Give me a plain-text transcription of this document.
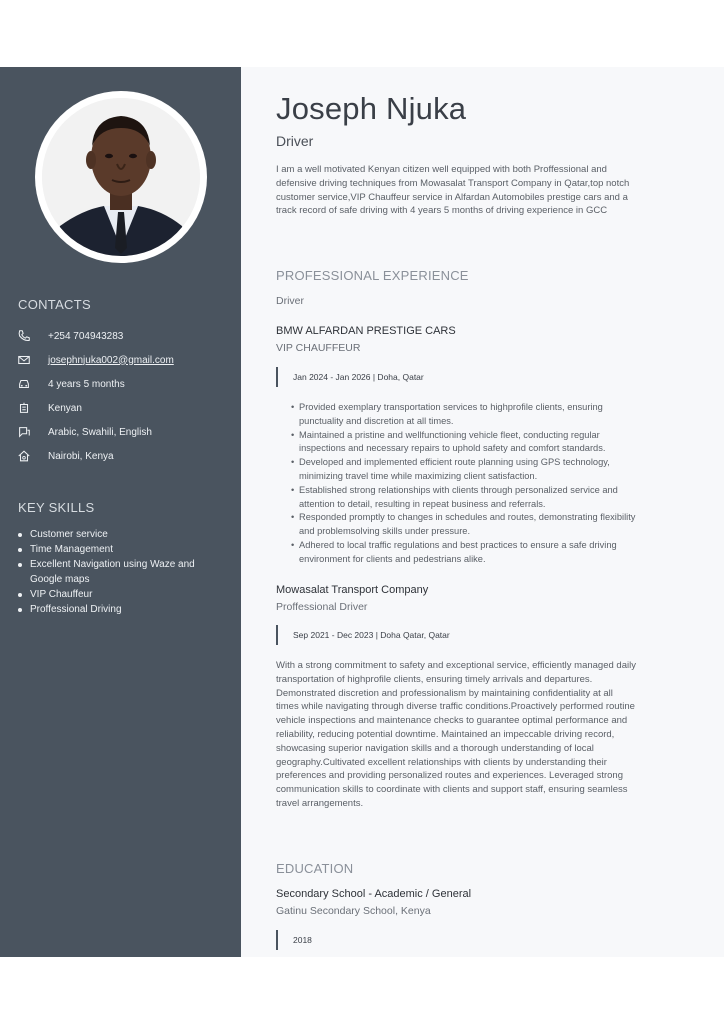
CONTACTS
+254 704943283
josephnjuka002@gmail.com
4 years 5 months
Kenyan
Arabic, Swahili, English
Nairobi, Kenya
KEY SKILLS
Customer service
Time Management
Excellent Navigation using Waze and Google maps
VIP Chauffeur
Proffessional Driving
Joseph Njuka
Driver

I am a well motivated Kenyan citizen well equipped with both Proffessional and defensive driving techniques from Mowasalat Transport Company in Qatar,top notch customer service,VIP Chauffeur service in Alfardan Automobiles prestige cars and a track record of safe driving with 4 years 5 months of driving experience in GCC

PROFESSIONAL EXPERIENCE
Driver
BMW ALFARDAN PRESTIGE CARS
VIP CHAUFFEUR
Jan 2024 - Jan 2026 | Doha, Qatar
• Provided exemplary transportation services to highprofile clients, ensuring punctuality and discretion at all times.
• Maintained a pristine and wellfunctioning vehicle fleet, conducting regular inspections and necessary repairs to uphold safety and comfort standards.
• Developed and implemented efficient route planning using GPS technology, minimizing travel time while maximizing client satisfaction.
• Established strong relationships with clients through personalized service and attention to detail, resulting in repeat business and referrals.
• Responded promptly to changes in schedules and routes, demonstrating flexibility and problemsolving skills under pressure.
• Adhered to local traffic regulations and best practices to ensure a safe driving environment for clients and pedestrians alike.
Mowasalat Transport Company
Proffessional Driver
Sep 2021 - Dec 2023 | Doha Qatar, Qatar

With a strong commitment to safety and exceptional service, efficiently managed daily transportation of highprofile clients, ensuring timely arrivals and departures. Demonstrated discretion and professionalism by maintaining confidentiality at all times while navigating through diverse traffic conditions.Proactively performed routine vehicle inspections and maintenance checks to guarantee optimal performance and reliability, reducing potential downtime. Maintained an impeccable driving record, showcasing superior navigation skills and a thorough understanding of local geography.Cultivated excellent relationships with clients by understanding their preferences and providing personalized routes and experiences. Leveraged strong communication skills to coordinate with clients and support staff, ensuring seamless travel arrangements.

EDUCATION
Secondary School - Academic / General
Gatinu Secondary School, Kenya
2018
